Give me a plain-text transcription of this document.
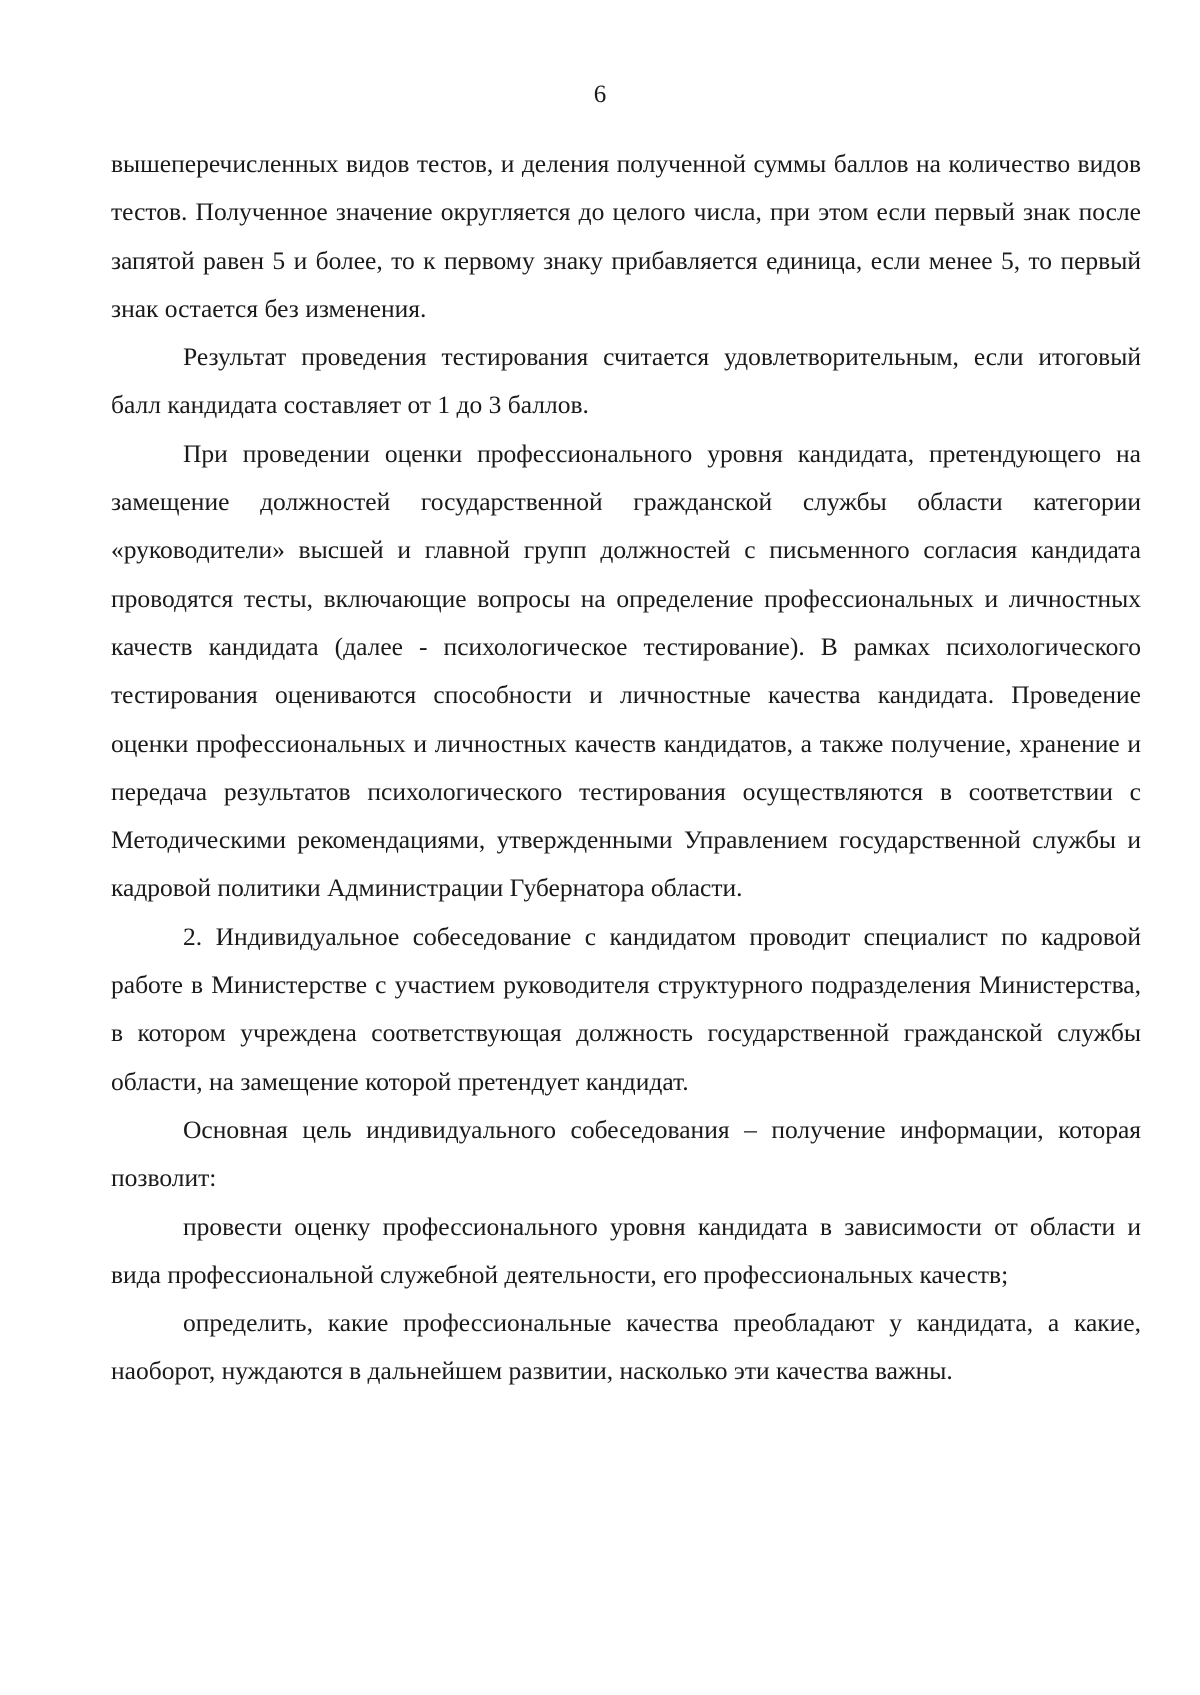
6

вышеперечисленных видов тестов, и деления полученной суммы баллов на количество видов тестов. Полученное значение округляется до целого числа, при этом если первый знак после запятой равен 5 и более, то к первому знаку прибавляется единица, если менее 5, то первый знак остается без изменения.

Результат проведения тестирования считается удовлетворительным, если итоговый балл кандидата составляет от 1 до 3 баллов.

При проведении оценки профессионального уровня кандидата, претендующего на замещение должностей государственной гражданской службы области категории «руководители» высшей и главной групп должностей с письменного согласия кандидата проводятся тесты, включающие вопросы на определение профессиональных и личностных качеств кандидата (далее - психологическое тестирование). В рамках психологического тестирования оцениваются способности и личностные качества кандидата. Проведение оценки профессиональных и личностных качеств кандидатов, а также получение, хранение и передача результатов психологического тестирования осуществляются в соответствии с Методическими рекомендациями, утвержденными Управлением государственной службы и кадровой политики Администрации Губернатора области.

2. Индивидуальное собеседование с кандидатом проводит специалист по кадровой работе в Министерстве с участием руководителя структурного подразделения Министерства, в котором учреждена соответствующая должность государственной гражданской службы области, на замещение которой претендует кандидат.

Основная цель индивидуального собеседования – получение информации, которая позволит:

провести оценку профессионального уровня кандидата в зависимости от области и вида профессиональной служебной деятельности, его профессиональных качеств;

определить, какие профессиональные качества преобладают у кандидата, а какие, наоборот, нуждаются в дальнейшем развитии, насколько эти качества важны.
